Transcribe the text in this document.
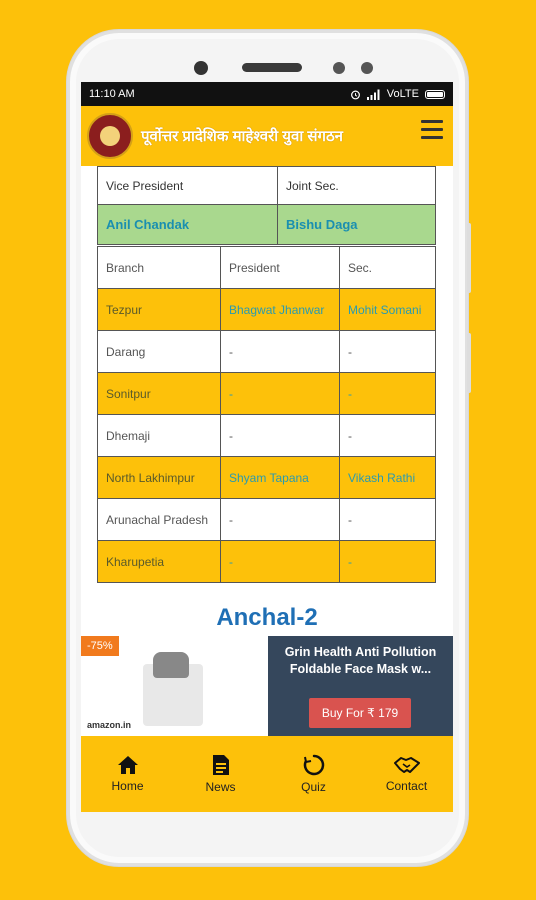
11:10 AM	VoLTE
पूर्वोत्तर प्रादेशिक माहेश्वरी युवा संगठन
Vice President	Joint Sec.
Anil Chandak	Bishu Daga
Branch	President	Sec.
Tezpur	Bhagwat Jhanwar	Mohit Somani
Darang	-	-
Sonitpur	-	-
Dhemaji	-	-
North Lakhimpur	Shyam Tapana	Vikash Rathi
Arunachal Pradesh	-	-
Kharupetia	-	-
Anchal-2
-75%
amazon.in
Grin Health Anti Pollution Foldable Face Mask w...
Buy For ₹ 179
Home	News	Quiz	Contact
